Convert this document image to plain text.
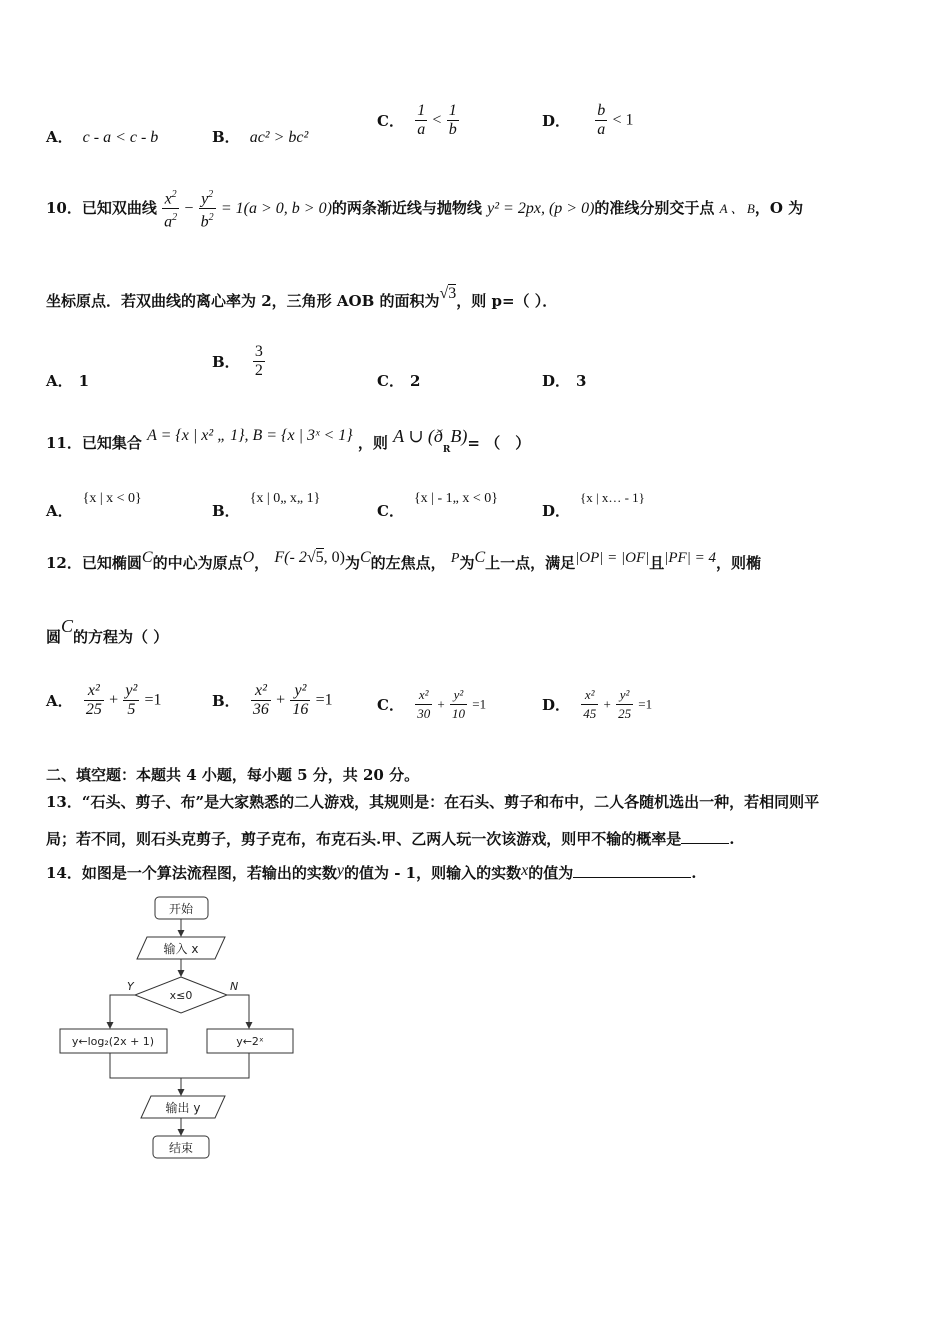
A． c - a < c - b	B． ac² > bc²
C． $\frac{1}{a} < \frac{1}{b}$	D． $\frac{b}{a} < 1$
10．已知双曲线 $\frac{x^2}{a^2} - \frac{y^2}{b^2} = 1(a > 0$, b > 0)的两条渐近线与抛物线 y² = 2px, (p > 0)的准线分别交于点 A 、 B，O 为
坐标原点．若双曲线的离心率为 2，三角形 AOB 的面积为√3，则 p=（ ）．
A． 1
B． $\frac{3}{2}$
C． 2	D． 3
11．已知集合 A = {x | x² „ 1}, B = {x | 3ˣ < 1} ，则 A ∪ $(ð_RB)=$ （　）
A．{x | x < 0}
B．{x | 0„ x„ 1}
C．{x | - 1„ x < 0}
D．{x | x… - 1}
12．已知椭圆C的中心为原点O， F(- 2√5, 0)为C的左焦点， P为C上一点，满足|OP| = |OF|且|PF| = 4，则椭
圆C的方程为（ ）
A． $\frac{\text{x²}}{25} + \frac{\text{y²}}{5} =1$	B． $\frac{\text{x²}}{36} + \frac{\text{y²}}{16} =1$	C． $\frac{\text{x²}}{30} + \frac{\text{y²}}{10} =1$	D． $\frac{\text{x²}}{45} + \frac{\text{y²}}{25} =1$
二、填空题：本题共 4 小题，每小题 5 分，共 20 分。
13．“石头、剪子、布”是大家熟悉的二人游戏，其规则是：在石头、剪子和布中，二人各随机选出一种，若相同则平
局；若不同，则石头克剪子，剪子克布，布克石头.甲、乙两人玩一次该游戏，则甲不输的概率是	.
14．如图是一个算法流程图，若输出的实数y的值为 - 1，则输入的实数x的值为	.
开始
输入 x
x≤0
Y	N
y←log₂(2x + 1)	y←2ˣ
输出 y
结束
